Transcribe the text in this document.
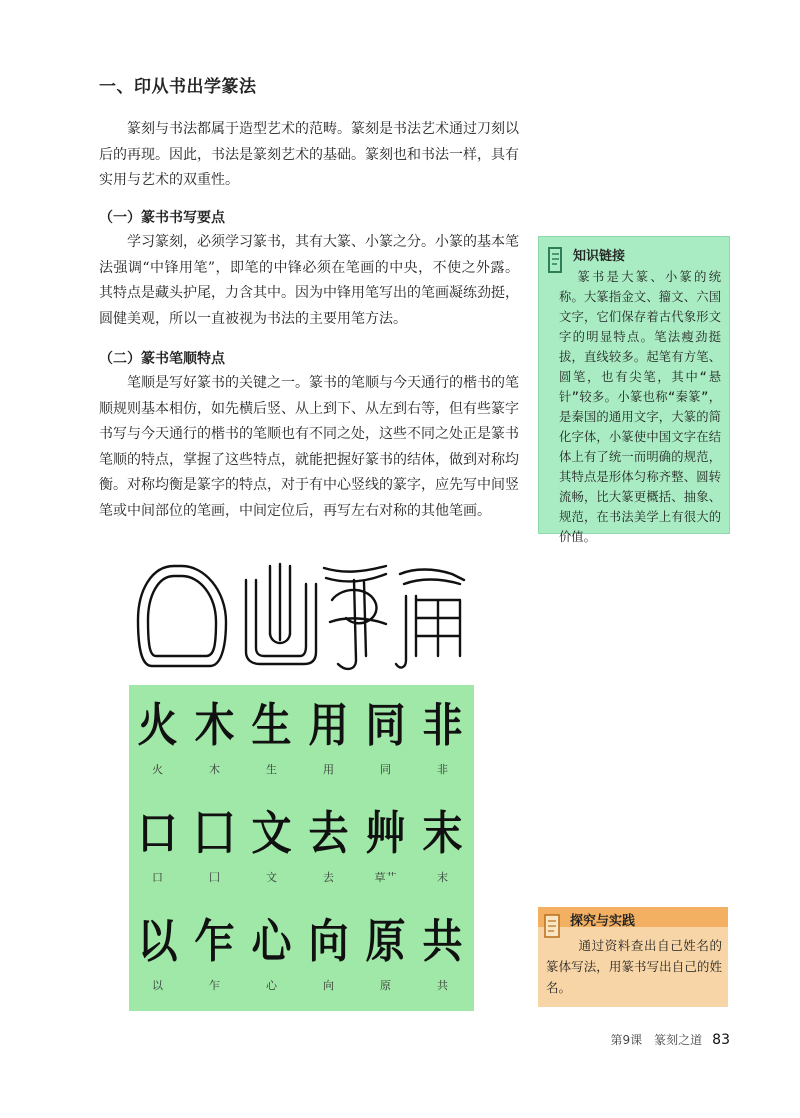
一、印从书出学篆法

篆刻与书法都属于造型艺术的范畴。篆刻是书法艺术通过刀刻以后的再现。因此，书法是篆刻艺术的基础。篆刻也和书法一样，具有实用与艺术的双重性。

（一）篆书书写要点

学习篆刻，必须学习篆书，其有大篆、小篆之分。小篆的基本笔法强调“中锋用笔”，即笔的中锋必须在笔画的中央，不使之外露。其特点是藏头护尾，力含其中。因为中锋用笔写出的笔画凝练劲挺，圆健美观，所以一直被视为书法的主要用笔方法。

（二）篆书笔顺特点

笔顺是写好篆书的关键之一。篆书的笔顺与今天通行的楷书的笔顺规则基本相仿，如先横后竖、从上到下、从左到右等，但有些篆字书写与今天通行的楷书的笔顺也有不同之处，这些不同之处正是篆书笔顺的特点，掌握了这些特点，就能把握好篆书的结体，做到对称均衡。对称均衡是篆字的特点，对于有中心竖线的篆字，应先写中间竖笔或中间部位的笔画，中间定位后，再写左右对称的其他笔画。

知识链接

篆书是大篆、小篆的统称。大篆指金文、籀文、六国文字，它们保存着古代象形文字的明显特点。笔法瘦劲挺拔，直线较多。起笔有方笔、圆笔，也有尖笔，其中“悬针”较多。小篆也称“秦篆”，是秦国的通用文字，大篆的简化字体，小篆使中国文字在结体上有了统一而明确的规范，其特点是形体匀称齐整、圆转流畅，比大篆更概括、抽象、规范，在书法美学上有很大的价值。

火
火
木
木
生
生
用
用
同
同
非
非
口
口
囗
囗
文
文
去
去
艸
草艹
末
末
以
以
乍
乍
心
心
向
向
原
原
共
共
探究与实践

通过资料查出自己姓名的篆体写法，用篆书写出自己的姓名。

第9课　篆刻之道 83
